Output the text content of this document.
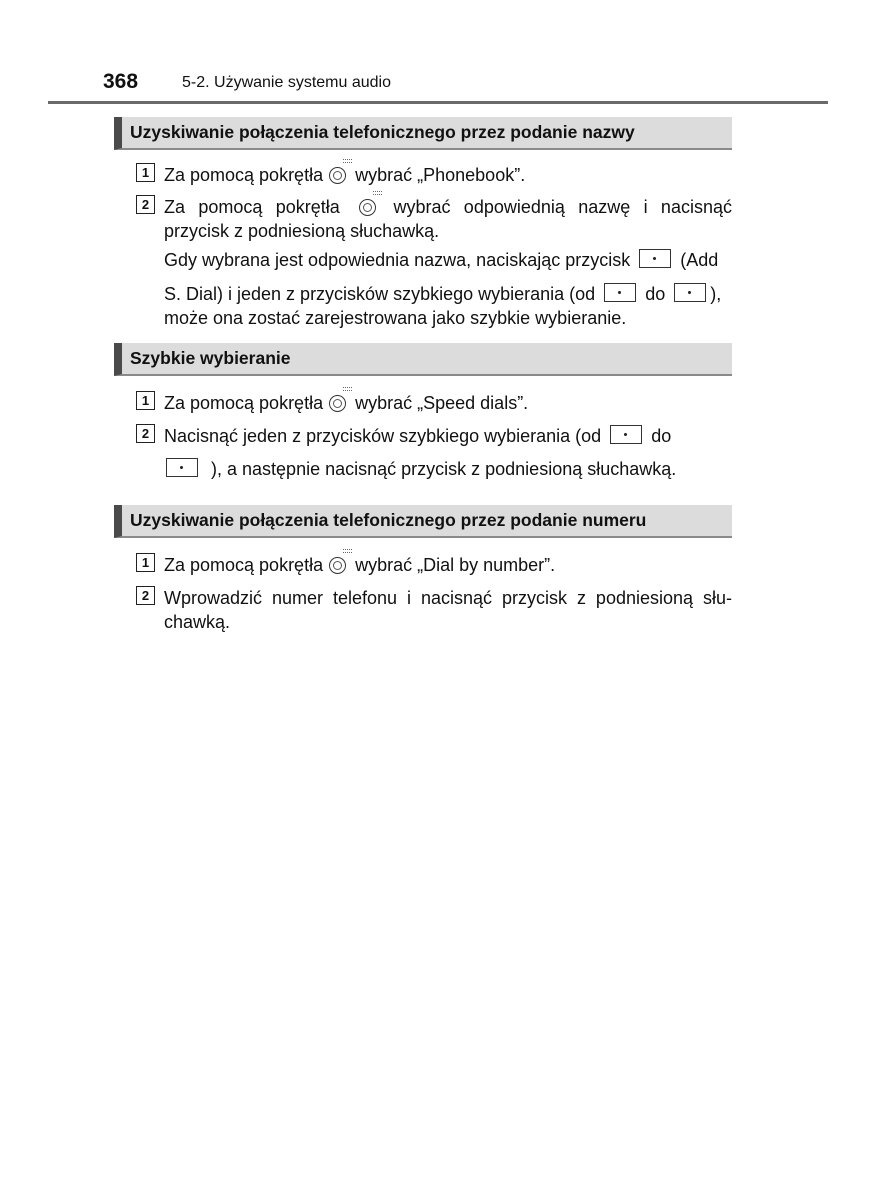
368	5-2. Używanie systemu audio
Uzyskiwanie połączenia telefonicznego przez podanie nazwy
1 Za pomocą pokrętła wybrać „Phonebook”.
2 Za pomocą pokrętła	wybrać odpowiednią nazwę i nacisnąć
przycisk z podniesioną słuchawką.
Gdy wybrana jest odpowiednia nazwa, naciskając przycisk	(Add
S. Dial) i jeden z przycisków szybkiego wybierania (od	do	),
może ona zostać zarejestrowana jako szybkie wybieranie.
Szybkie wybieranie
1 Za pomocą pokrętła wybrać „Speed dials”.
2 Nacisnąć jeden z przycisków szybkiego wybierania (od	do
), a następnie nacisnąć przycisk z podniesioną słuchawką.
Uzyskiwanie połączenia telefonicznego przez podanie numeru
1 Za pomocą pokrętła wybrać „Dial by number”.
2 Wprowadzić numer telefonu i nacisnąć przycisk z podniesioną słu-
chawką.
